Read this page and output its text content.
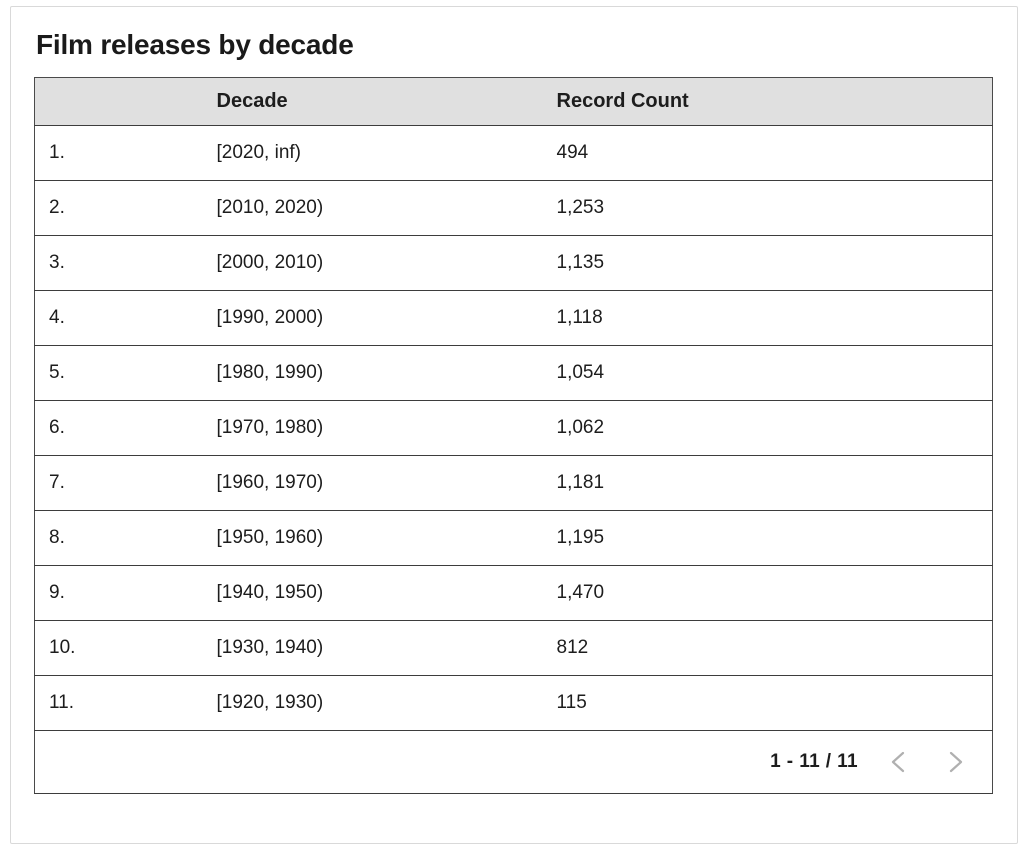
Film releases by decade
	Decade	Record Count
1.	[2020, inf)	494
2.	[2010, 2020)	1,253
3.	[2000, 2010)	1,135
4.	[1990, 2000)	1,118
5.	[1980, 1990)	1,054
6.	[1970, 1980)	1,062
7.	[1960, 1970)	1,181
8.	[1950, 1960)	1,195
9.	[1940, 1950)	1,470
10.	[1930, 1940)	812
11.	[1920, 1930)	115

1 - 11 / 11		
